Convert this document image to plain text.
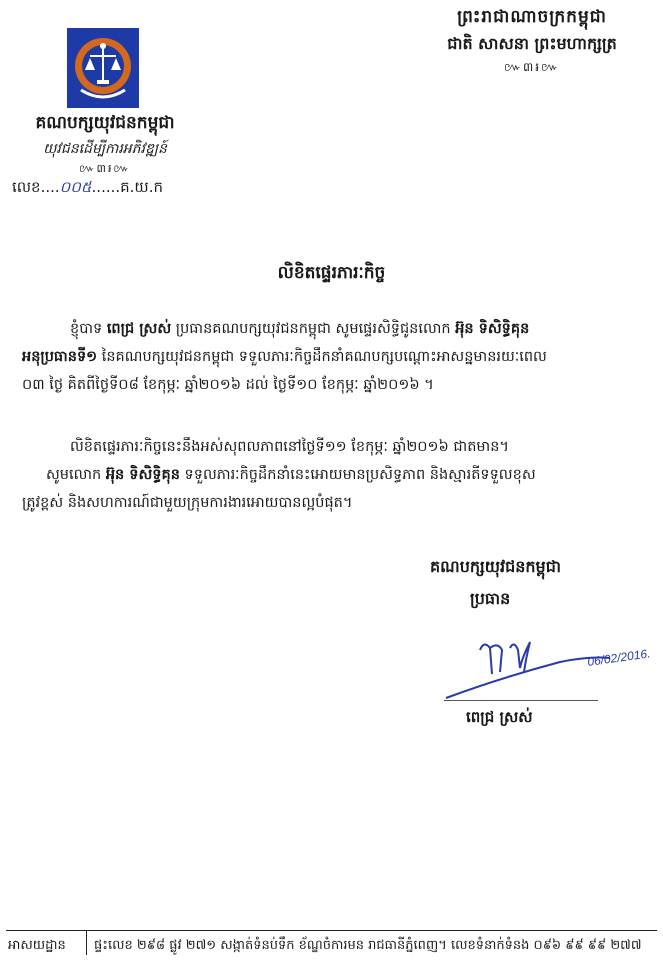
ព្រះរាជាណាចក្រកម្ពុជា
ជាតិ សាសនា ព្រះមហាក្សត្រ
៚៣៛៚
គណបក្សយុវជនកម្ពុជា
យុវជនដើម្បីការអភិវឌ្ឍន៍
៚៣៛៚
លេខ....០០៥......គ.យ.ក
លិខិតផ្ទេរភារៈកិច្ច
ខ្ញុំបាទ ពេជ្រ ស្រស់ ប្រធានគណបក្សយុវជនកម្ពុជា សូមផ្ទេរសិទ្ធិជូនលោក អ៊ុន ទិសិទ្ធិគុន
អនុប្រធានទី១ នៃគណបក្សយុវជនកម្ពុជា ទទួលភារៈកិច្ចដឹកនាំគណបក្សបណ្តោះអាសន្នមានរយៈពេល
០៣ ថ្ងៃ គិតពីថ្ងៃទី០៨ ខែកុម្ភៈ ឆ្នាំ២០១៦ ដល់ ថ្ងៃទី១០ ខែកុម្ភៈ ឆ្នាំ២០១៦ ។
លិខិតផ្ទេរភារៈកិច្ចនេះនឹងអស់សុពលភាពនៅថ្ងៃទី១១ ខែកុម្ភៈ ឆ្នាំ២០១៦ ជាតមាន។
សូមលោក អ៊ុន ទិសិទ្ធិគុន ទទួលភារៈកិច្ចដឹកនាំនេះអោយមានប្រសិទ្ធភាព និងស្មារតីទទួលខុស
ត្រូវខ្ពស់ និងសហការណ៍ជាមួយក្រុមការងារអោយបានល្អបំផុត។
គណបក្សយុវជនកម្ពុជា
ប្រធាន
06/02/2016.
ពេជ្រ ស្រស់
អាសយដ្ឋាន ផ្ទះលេខ ២៩៨ ផ្លូវ ២៧១ សង្កាត់ទំនប់ទឹក ខ័ណ្ឌចំការមន រាជធានីភ្នំពេញ។ លេខទំនាក់ទំនង ០៩៦ ៩៩ ៩៩ ២៧៧
